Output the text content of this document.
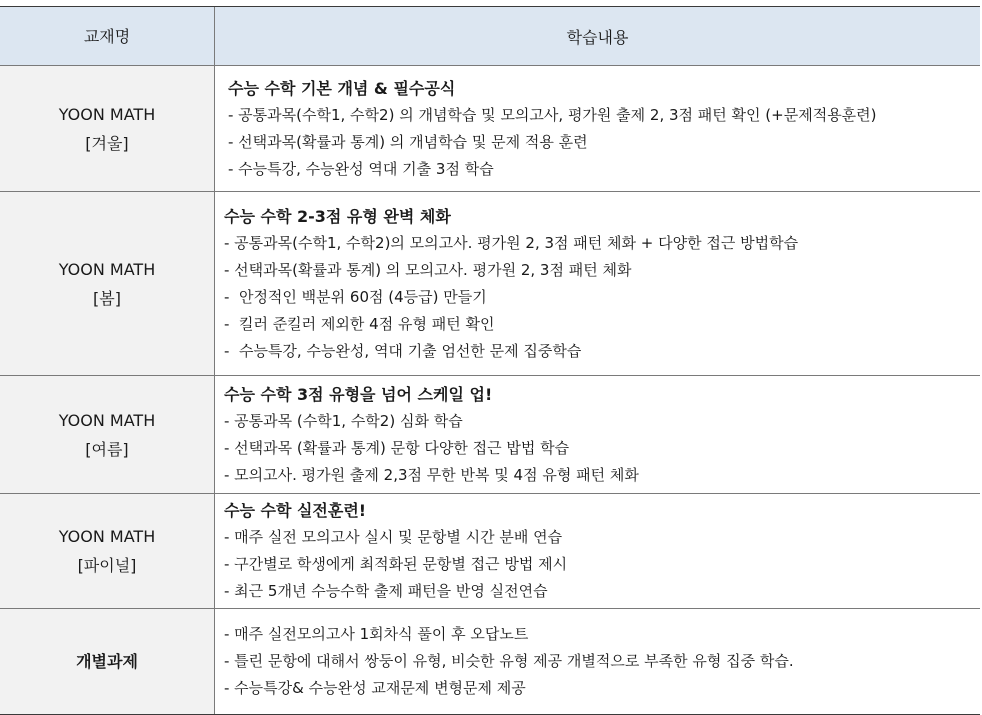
교재명	학습내용
YOON MATH
[겨울]
수능 수학 기본 개념 & 필수공식
- 공통과목(수학1, 수학2) 의 개념학습 및 모의고사, 평가원 출제 2, 3점 패턴 확인 (+문제적용훈련)
- 선택과목(확률과 통계) 의 개념학습 및 문제 적용 훈련
- 수능특강, 수능완성 역대 기출 3점 학습
YOON MATH
[봄]
수능 수학 2-3점 유형 완벽 체화
- 공통과목(수학1, 수학2)의 모의고사. 평가원 2, 3점 패턴 체화 + 다양한 접근 방법학습
- 선택과목(확률과 통계) 의 모의고사. 평가원 2, 3점 패턴 체화
-  안정적인 백분위 60점 (4등급) 만들기
-  킬러 준킬러 제외한 4점 유형 패턴 확인
-  수능특강, 수능완성, 역대 기출 엄선한 문제 집중학습
YOON MATH
[여름]
수능 수학 3점 유형을 넘어 스케일 업!
- 공통과목 (수학1, 수학2) 심화 학습
- 선택과목 (확률과 통계) 문항 다양한 접근 밥법 학습
- 모의고사. 평가원 출제 2,3점 무한 반복 및 4점 유형 패턴 체화
YOON MATH
[파이널]
수능 수학 실전훈련!
- 매주 실전 모의고사 실시 및 문항별 시간 분배 연습
- 구간별로 학생에게 최적화된 문항별 접근 방법 제시
- 최근 5개년 수능수학 출제 패턴을 반영 실전연습
개별과제
- 매주 실전모의고사 1회차식 풀이 후 오답노트
- 틀린 문항에 대해서 쌍둥이 유형, 비슷한 유형 제공 개별적으로 부족한 유형 집중 학습.
- 수능특강& 수능완성 교재문제 변형문제 제공
